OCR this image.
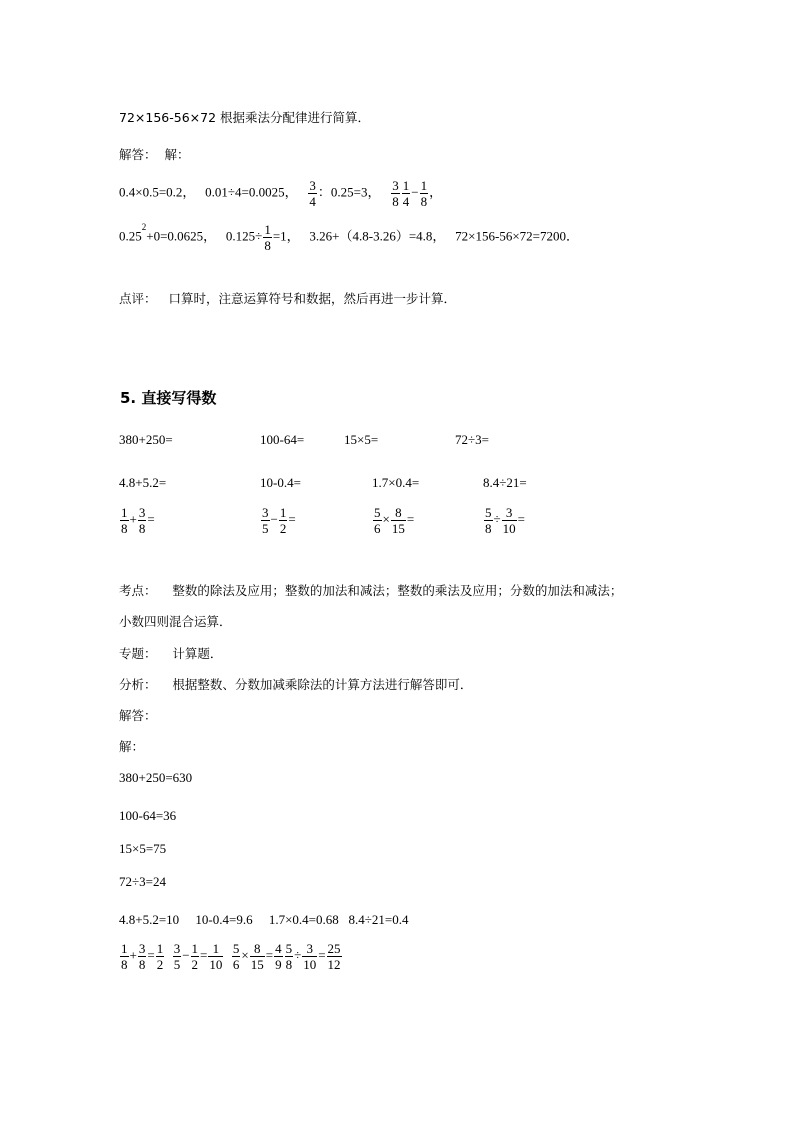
72×156-56×72 根据乘法分配律进行简算．
解答： 解：
0.4×0.5=0.2， 0.01÷4=0.0025， $\frac{3}{4}$ ：0.25=3， $\frac{3}{8} \frac{1}{4} - \frac{1}{8}$ ，
$0.25^2+0=0.0625$， $0.125\div \frac{1}{8} =1$， 3.26+（4.8-3.26）=4.8， 72×156-56×72=7200．
点评： 口算时，注意运算符号和数据，然后再进一步计算．
5. 直接写得数
380+250=	100-64=	15×5=	72÷3=
4.8+5.2=	10-0.4=	1.7×0.4=	8.4÷21=
$\frac{1}{8} + \frac{3}{8}$ =	$\frac{3}{5} - \frac{1}{2}$ =	$\frac{5}{6} \times \frac{8}{15}$ =	$\frac{5}{8} \div \frac{3}{10}$ =
考点： 整数的除法及应用；整数的加法和减法；整数的乘法及应用；分数的加法和减法；
小数四则混合运算．
专题： 计算题．
分析： 根据整数、分数加减乘除法的计算方法进行解答即可．
解答：
解：
380+250=630
100-64=36
15×5=75
72÷3=24
4.8+5.2=10 10-0.4=9.6 1.7×0.4=0.68 8.4÷21=0.4
$\frac{1}{8} + \frac{3}{8} = \frac{1}{2}$
$\frac{3}{5} - \frac{1}{2} = \frac{1}{10}$
$\frac{5}{6} \times \frac{8}{15} = \frac{4}{9} \frac{5}{8} \div \frac{3}{10} = \frac{25}{12}$
